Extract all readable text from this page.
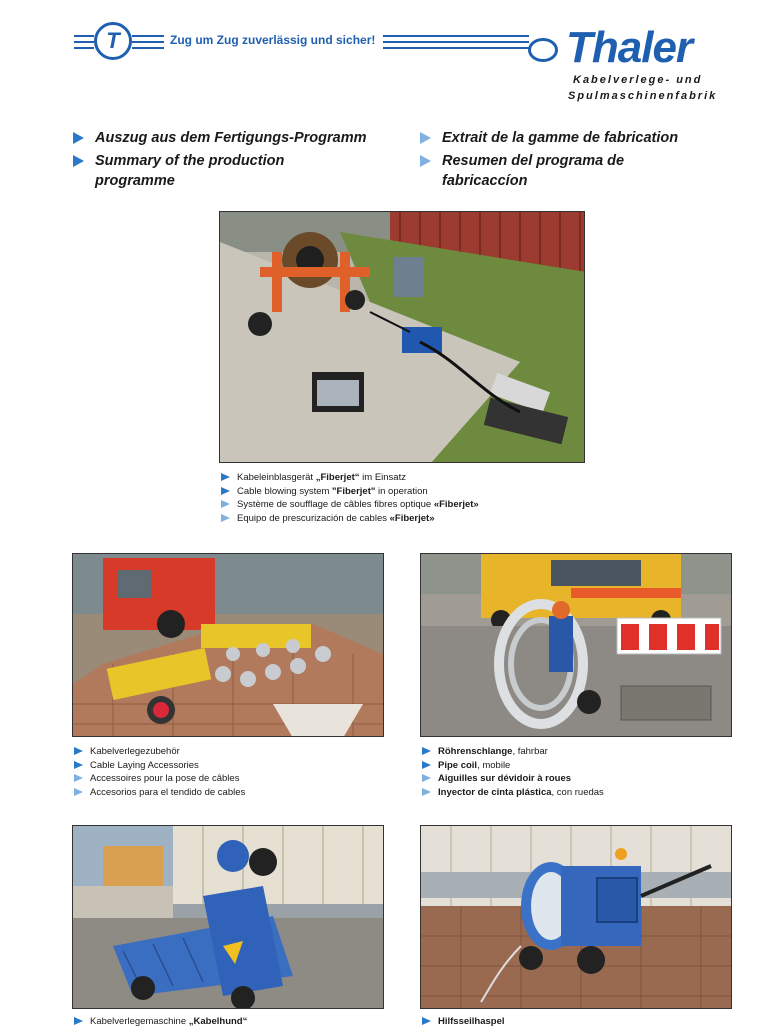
T	Zug um Zug zuverlässig und sicher!	Thaler
Kabelverlege- und
Spulmaschinenfabrik
Auszug aus dem Fertigungs-Programm
Summary of the production
programme
Extrait de la gamme de fabrication
Resumen del programa de
fabricaccíon
Kabeleinblasgerät „Fiberjet“ im Einsatz
Cable blowing system "Fiberjet" in operation
Système de soufflage de câbles fibres optique «Fiberjet»
Equipo de prescurización de cables «Fiberjet»
Kabelverlegezubehör
Cable Laying Accessories
Accessoires pour la pose de câbles
Accesorios para el tendido de cables
Röhrenschlange, fahrbar
Pipe coil, mobile
Aiguilles sur dévidoir à roues
Inyector de cinta plástica, con ruedas
Kabelverlegemaschine „Kabelhund“	Hilfsseilhaspel
